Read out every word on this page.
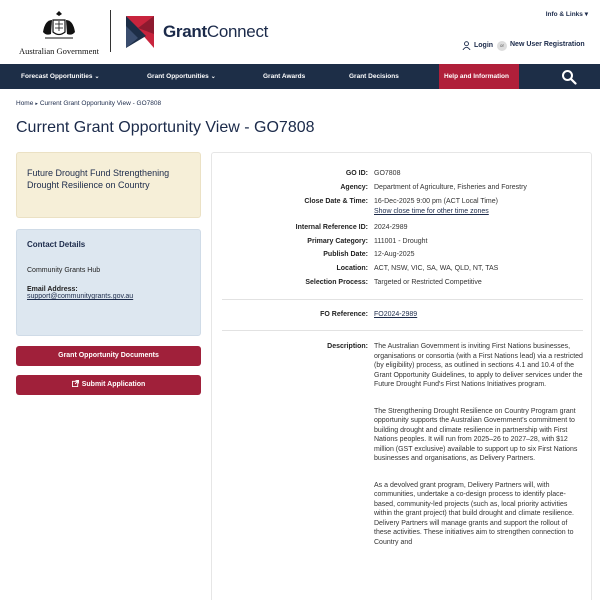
Australian Government
GrantConnect
Info & Links ▾
Login	or New User Registration
Forecast Opportunities ⌄	Grant Opportunities ⌄	Grant Awards	Grant Decisions	Help and Information
Home ▸ Current Grant Opportunity View - GO7808
Current Grant Opportunity View - GO7808

Future Drought Fund Strengthening Drought Resilience on Country

Contact Details
Community Grants Hub
Email Address:
support@communitygrants.gov.au
Grant Opportunity Documents
Submit Application
GO ID: GO7808
Agency: Department of Agriculture, Fisheries and Forestry
Close Date & Time: 16-Dec-2025 9:00 pm (ACT Local Time)
Show close time for other time zones
Internal Reference ID: 2024-2989
Primary Category: 111001 - Drought
Publish Date: 12-Aug-2025
Location: ACT, NSW, VIC, SA, WA, QLD, NT, TAS
Selection Process: Targeted or Restricted Competitive
FO Reference: FO2024-2989
Description: The Australian Government is inviting First Nations businesses, organisations or consortia (with a First Nations lead) via a restricted (by eligibility) process, as outlined in sections 4.1 and 10.4 of the Grant Opportunity Guidelines, to apply to deliver services under the Future Drought Fund's First Nations Initiatives program.

The Strengthening Drought Resilience on Country Program grant opportunity supports the Australian Government's commitment to building drought and climate resilience in partnership with First Nations peoples. It will run from 2025–26 to 2027–28, with $12 million (GST exclusive) available to support up to six First Nations businesses and organisations, as Delivery Partners.

As a devolved grant program, Delivery Partners will, with communities, undertake a co-design process to identify place-based, community-led projects (such as, local priority activities within the grant project) that build drought and climate resilience. Delivery Partners will manage grants and support the rollout of these activities. These initiatives aim to strengthen connection to Country and
